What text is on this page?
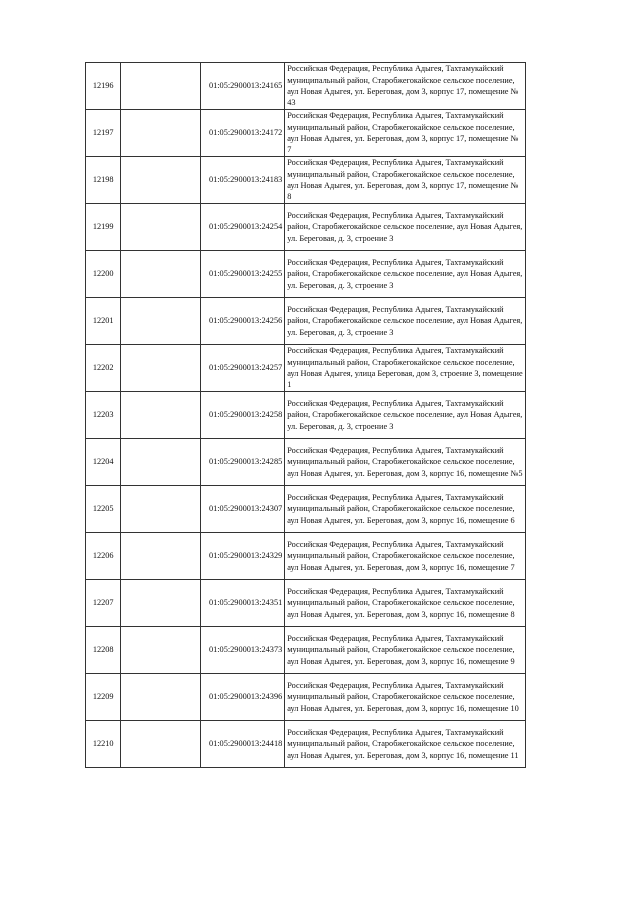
12196		01:05:2900013:24165	Российская Федерация, Республика Адыгея, Тахтамукайский муниципальный район, Старобжегокайское сельское поселение, аул Новая Адыгея, ул. Береговая, дом 3, корпус 17, помещение № 43
12197		01:05:2900013:24172	Российская Федерация, Республика Адыгея, Тахтамукайский муниципальный район, Старобжегокайское сельское поселение, аул Новая Адыгея, ул. Береговая, дом 3, корпус 17, помещение № 7
12198		01:05:2900013:24183	Российская Федерация, Республика Адыгея, Тахтамукайский муниципальный район, Старобжегокайское сельское поселение, аул Новая Адыгея, ул. Береговая, дом 3, корпус 17, помещение № 8
12199		01:05:2900013:24254	Российская Федерация, Республика Адыгея, Тахтамукайский район, Старобжегокайское сельское поселение, аул Новая Адыгея, ул. Береговая, д. 3, строение 3
12200		01:05:2900013:24255	Российская Федерация, Республика Адыгея, Тахтамукайский район, Старобжегокайское сельское поселение, аул Новая Адыгея, ул. Береговая, д. 3, строение 3
12201		01:05:2900013:24256	Российская Федерация, Республика Адыгея, Тахтамукайский район, Старобжегокайское сельское поселение, аул Новая Адыгея, ул. Береговая, д. 3, строение 3
12202		01:05:2900013:24257	Российская Федерация, Республика Адыгея, Тахтамукайский муниципальный район, Старобжегокайское сельское поселение, аул Новая Адыгея, улица Береговая, дом 3, строение 3, помещение 1
12203		01:05:2900013:24258	Российская Федерация, Республика Адыгея, Тахтамукайский район, Старобжегокайское сельское поселение, аул Новая Адыгея, ул. Береговая, д. 3, строение 3
12204		01:05:2900013:24285	Российская Федерация, Республика Адыгея, Тахтамукайский муниципальный район, Старобжегокайское сельское поселение, аул Новая Адыгея, ул. Береговая, дом 3, корпус 16, помещение №5
12205		01:05:2900013:24307	Российская Федерация, Республика Адыгея, Тахтамукайский муниципальный район, Старобжегокайское сельское поселение, аул Новая Адыгея, ул. Береговая, дом 3, корпус 16, помещение 6
12206		01:05:2900013:24329	Российская Федерация, Республика Адыгея, Тахтамукайский муниципальный район, Старобжегокайское сельское поселение, аул Новая Адыгея, ул. Береговая, дом 3, корпус 16, помещение 7
12207		01:05:2900013:24351	Российская Федерация, Республика Адыгея, Тахтамукайский муниципальный район, Старобжегокайское сельское поселение, аул Новая Адыгея, ул. Береговая, дом 3, корпус 16, помещение 8
12208		01:05:2900013:24373	Российская Федерация, Республика Адыгея, Тахтамукайский муниципальный район, Старобжегокайское сельское поселение, аул Новая Адыгея, ул. Береговая, дом 3, корпус 16, помещение 9
12209		01:05:2900013:24396	Российская Федерация, Республика Адыгея, Тахтамукайский муниципальный район, Старобжегокайское сельское поселение, аул Новая Адыгея, ул. Береговая, дом 3, корпус 16, помещение 10
12210		01:05:2900013:24418	Российская Федерация, Республика Адыгея, Тахтамукайский муниципальный район, Старобжегокайское сельское поселение, аул Новая Адыгея, ул. Береговая, дом 3, корпус 16, помещение 11
